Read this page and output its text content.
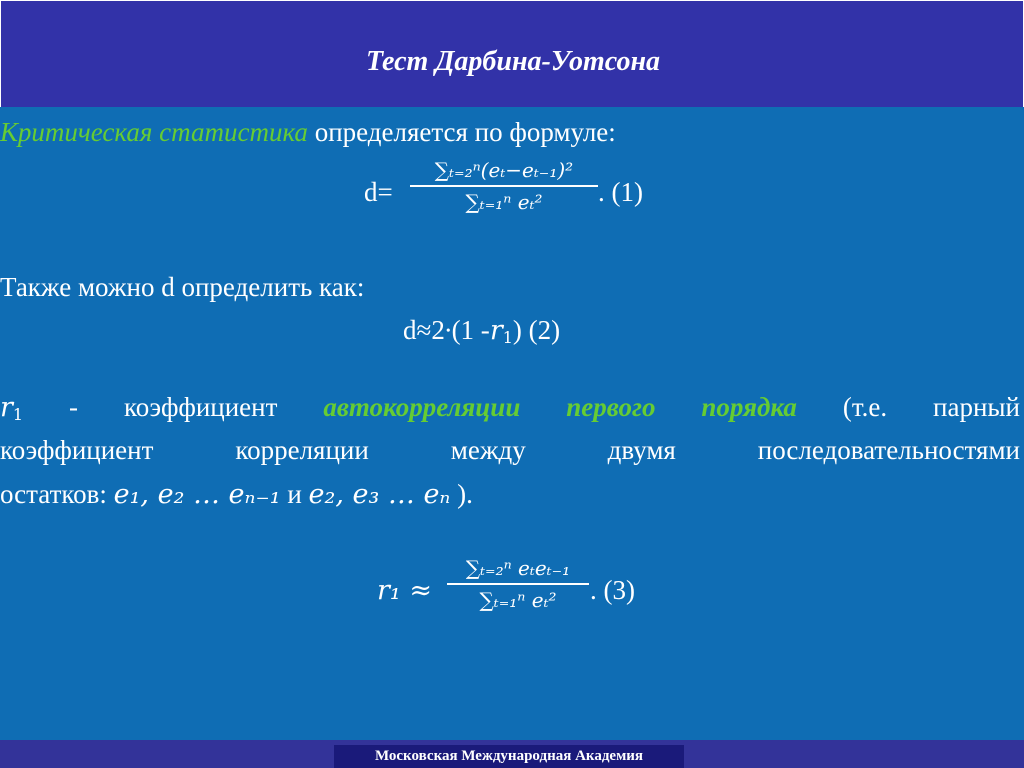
Тест Дарбина-Уотсона
Критическая статистика определяется по формуле:
d=
∑ₜ₌₂ⁿ(eₜ−eₜ₋₁)²
∑ₜ₌₁ⁿ eₜ² . (1)
Также можно d определить как:
d≈2∙(1 $-r_1$) (2)
$r_1$ - коэффициент автокорреляции первого порядка (т.е. парный
коэффициент	корреляции	между	двумя	последовательностями
остатков: e₁, e₂ … eₙ₋₁ и e₂, e₃ … eₙ ).
r₁ ≈
∑ₜ₌₂ⁿ eₜeₜ₋₁
∑ₜ₌₁ⁿ eₜ² . (3)
Московская Международная Академия
